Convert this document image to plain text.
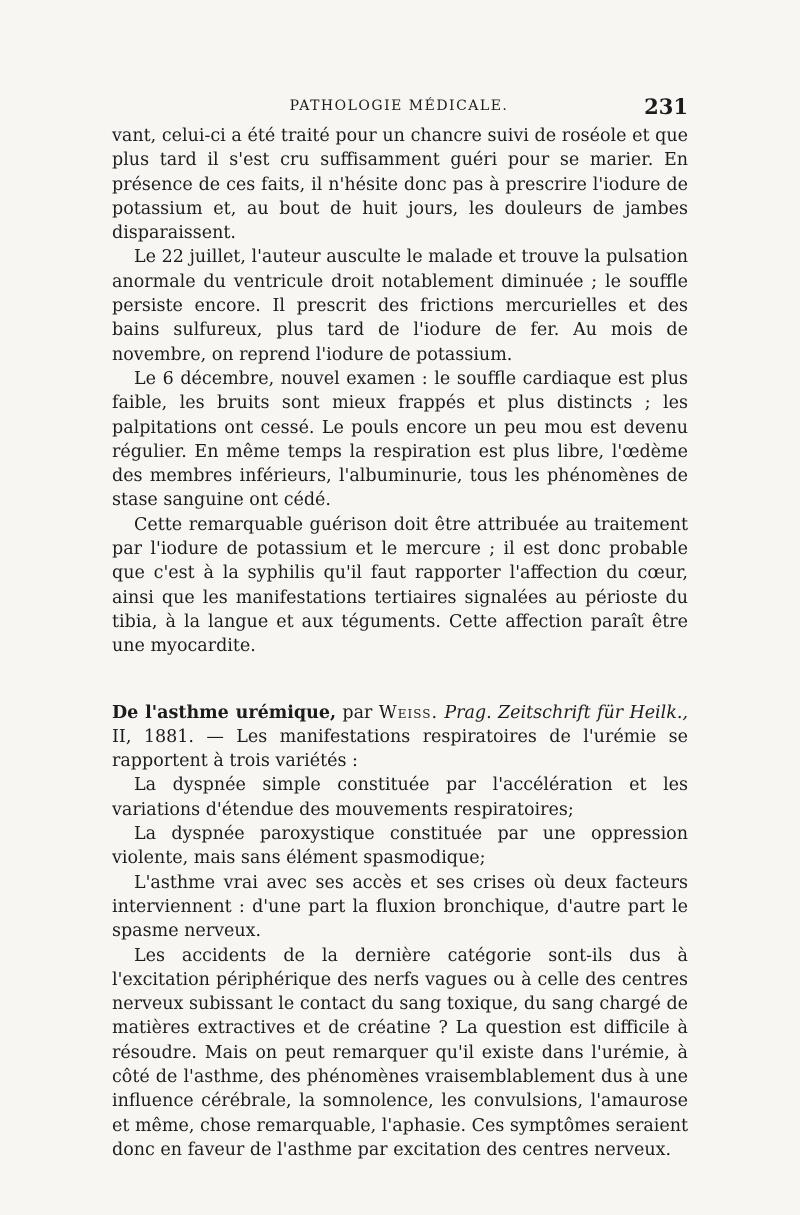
PATHOLOGIE MÉDICALE.	231

vant, celui-ci a été traité pour un chancre suivi de roséole et que plus tard il s'est cru suffisamment guéri pour se marier. En présence de ces faits, il n'hésite donc pas à prescrire l'iodure de potassium et, au bout de huit jours, les douleurs de jambes disparaissent.

Le 22 juillet, l'auteur ausculte le malade et trouve la pulsation anormale du ventricule droit notablement diminuée ; le souffle persiste encore. Il prescrit des frictions mercurielles et des bains sulfureux, plus tard de l'iodure de fer. Au mois de novembre, on reprend l'iodure de potassium.

Le 6 décembre, nouvel examen : le souffle cardiaque est plus faible, les bruits sont mieux frappés et plus distincts ; les palpitations ont cessé. Le pouls encore un peu mou est devenu régulier. En même temps la respiration est plus libre, l'œdème des membres inférieurs, l'albuminurie, tous les phénomènes de stase sanguine ont cédé.

Cette remarquable guérison doit être attribuée au traitement par l'iodure de potassium et le mercure ; il est donc probable que c'est à la syphilis qu'il faut rapporter l'affection du cœur, ainsi que les manifestations tertiaires signalées au périoste du tibia, à la langue et aux téguments. Cette affection paraît être une myocardite.

De l'asthme urémique, par Weiss. Prag. Zeitschrift für Heilk., II, 1881. — Les manifestations respiratoires de l'urémie se rapportent à trois variétés :

La dyspnée simple constituée par l'accélération et les variations d'étendue des mouvements respiratoires;

La dyspnée paroxystique constituée par une oppression violente, mais sans élément spasmodique;

L'asthme vrai avec ses accès et ses crises où deux facteurs interviennent : d'une part la fluxion bronchique, d'autre part le spasme nerveux.

Les accidents de la dernière catégorie sont-ils dus à l'excitation périphérique des nerfs vagues ou à celle des centres nerveux subissant le contact du sang toxique, du sang chargé de matières extractives et de créatine ? La question est difficile à résoudre. Mais on peut remarquer qu'il existe dans l'urémie, à côté de l'asthme, des phénomènes vraisemblablement dus à une influence cérébrale, la somnolence, les convulsions, l'amaurose et même, chose remarquable, l'aphasie. Ces symptômes seraient donc en faveur de l'asthme par excitation des centres nerveux.
